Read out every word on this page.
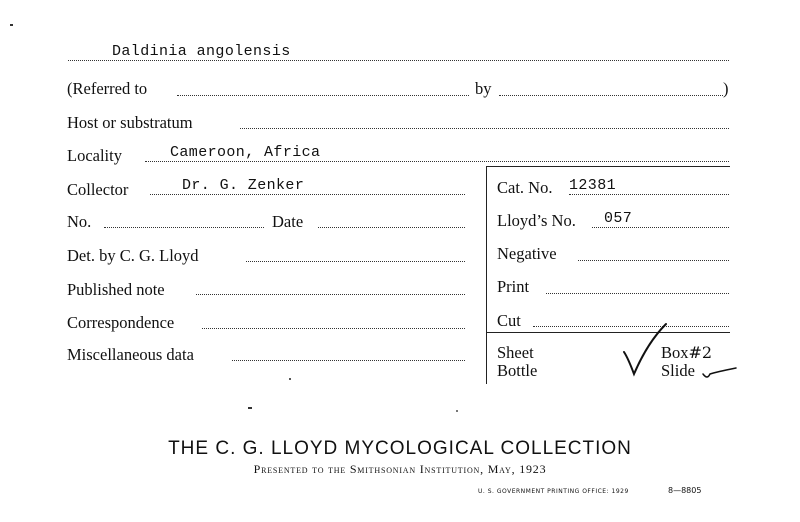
Daldinia angolensis
(Referred to	by	)
Host or substratum
Locality	Cameroon, Africa
Collector	Dr. G. Zenker
No.	Date
Det. by C. G. Lloyd
Published note
Correspondence
Miscellaneous data
Cat. No. 12381
Lloyd’s No. 057
Negative
Print
Cut
Sheet
Bottle
Box#2
Slide
THE C. G. LLOYD MYCOLOGICAL COLLECTION
Presented to the Smithsonian Institution, May, 1923
U. S. GOVERNMENT PRINTING OFFICE: 1929	8—8805
